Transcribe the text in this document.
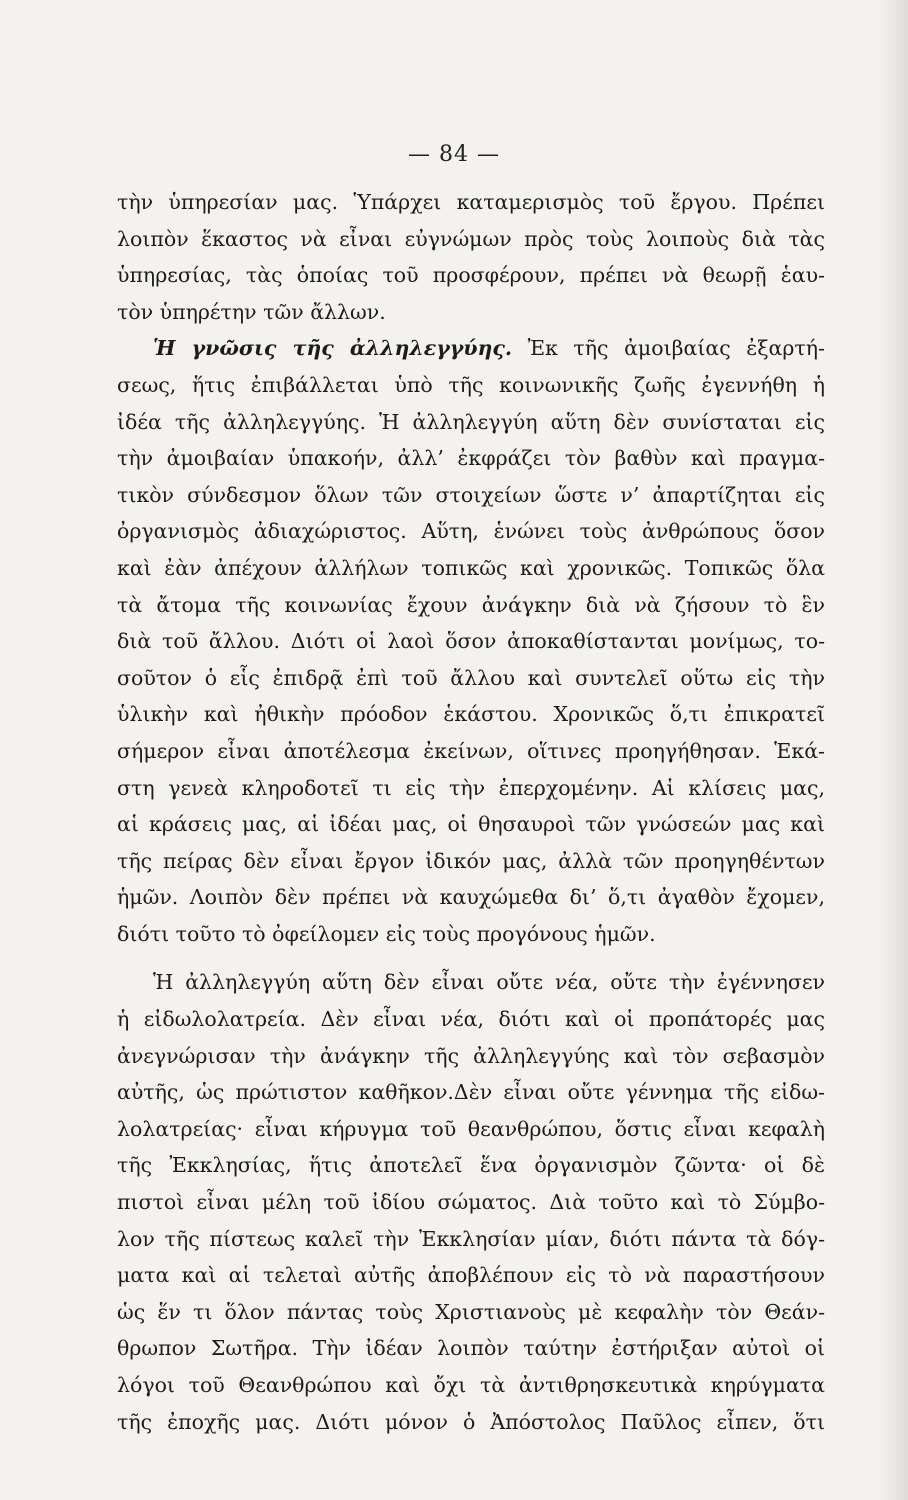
— 84 —
τὴν ὑπηρεσίαν μας. Ὑπάρχει καταμερισμὸς τοῦ ἔργου. Πρέπει
λοιπὸν ἕκαστος νὰ εἶναι εὐγνώμων πρὸς τοὺς λοιποὺς διὰ τὰς
ὑπηρεσίας, τὰς ὁποίας τοῦ προσφέρουν, πρέπει νὰ θεωρῇ ἑαυ-
τὸν ὑπηρέτην τῶν ἄλλων.
Ἡ γνῶσις τῆς ἀλληλεγγύης. Ἐκ τῆς ἀμοιβαίας ἐξαρτή-
σεως, ἥτις ἐπιβάλλεται ὑπὸ τῆς κοινωνικῆς ζωῆς ἐγεννήθη ἡ
ἰδέα τῆς ἀλληλεγγύης. Ἡ ἀλληλεγγύη αὕτη δὲν συνίσταται εἰς
τὴν ἀμοιβαίαν ὑπακοήν, ἀλλ’ ἐκφράζει τὸν βαθὺν καὶ πραγμα-
τικὸν σύνδεσμον ὅλων τῶν στοιχείων ὥστε ν’ ἀπαρτίζηται εἰς
ὀργανισμὸς ἀδιαχώριστος. Αὕτη, ἑνώνει τοὺς ἀνθρώπους ὅσον
καὶ ἐὰν ἀπέχουν ἀλλήλων τοπικῶς καὶ χρονικῶς. Τοπικῶς ὅλα
τὰ ἄτομα τῆς κοινωνίας ἔχουν ἀνάγκην διὰ νὰ ζήσουν τὸ ἓν
διὰ τοῦ ἄλλου. Διότι οἱ λαοὶ ὅσον ἀποκαθίστανται μονίμως, το-
σοῦτον ὁ εἷς ἐπιδρᾷ ἐπὶ τοῦ ἄλλου καὶ συντελεῖ οὕτω εἰς τὴν
ὑλικὴν καὶ ἠθικὴν πρόοδον ἑκάστου. Χρονικῶς ὅ,τι ἐπικρατεῖ
σήμερον εἶναι ἀποτέλεσμα ἐκείνων, οἵτινες προηγήθησαν. Ἑκά-
στη γενεὰ κληροδοτεῖ τι εἰς τὴν ἐπερχομένην. Αἱ κλίσεις μας,
αἱ κράσεις μας, αἱ ἰδέαι μας, οἱ θησαυροὶ τῶν γνώσεών μας καὶ
τῆς πείρας δὲν εἶναι ἔργον ἰδικόν μας, ἀλλὰ τῶν προηγηθέντων
ἡμῶν. Λοιπὸν δὲν πρέπει νὰ καυχώμεθα δι’ ὅ,τι ἀγαθὸν ἔχομεν,
διότι τοῦτο τὸ ὀφείλομεν εἰς τοὺς προγόνους ἡμῶν.
Ἡ ἀλληλεγγύη αὕτη δὲν εἶναι οὔτε νέα, οὔτε τὴν ἐγέννησεν
ἡ εἰδωλολατρεία. Δὲν εἶναι νέα, διότι καὶ οἱ προπάτορές μας
ἀνεγνώρισαν τὴν ἀνάγκην τῆς ἀλληλεγγύης καὶ τὸν σεβασμὸν
αὐτῆς, ὡς πρώτιστον καθῆκον.Δὲν εἶναι οὔτε γέννημα τῆς εἰδω-
λολατρείας· εἶναι κήρυγμα τοῦ θεανθρώπου, ὅστις εἶναι κεφαλὴ
τῆς Ἐκκλησίας, ἥτις ἀποτελεῖ ἕνα ὀργανισμὸν ζῶντα· οἱ δὲ
πιστοὶ εἶναι μέλη τοῦ ἰδίου σώματος. Διὰ τοῦτο καὶ τὸ Σύμβο-
λον τῆς πίστεως καλεῖ τὴν Ἐκκλησίαν μίαν, διότι πάντα τὰ δόγ-
ματα καὶ αἱ τελεταὶ αὐτῆς ἀποβλέπουν εἰς τὸ νὰ παραστήσουν
ὡς ἕν τι ὅλον πάντας τοὺς Χριστιανοὺς μὲ κεφαλὴν τὸν Θεάν-
θρωπον Σωτῆρα. Τὴν ἰδέαν λοιπὸν ταύτην ἐστήριξαν αὐτοὶ οἱ
λόγοι τοῦ Θεανθρώπου καὶ ὄχι τὰ ἀντιθρησκευτικὰ κηρύγματα
τῆς ἐποχῆς μας. Διότι μόνον ὁ Ἀπόστολος Παῦλος εἶπεν, ὅτι
